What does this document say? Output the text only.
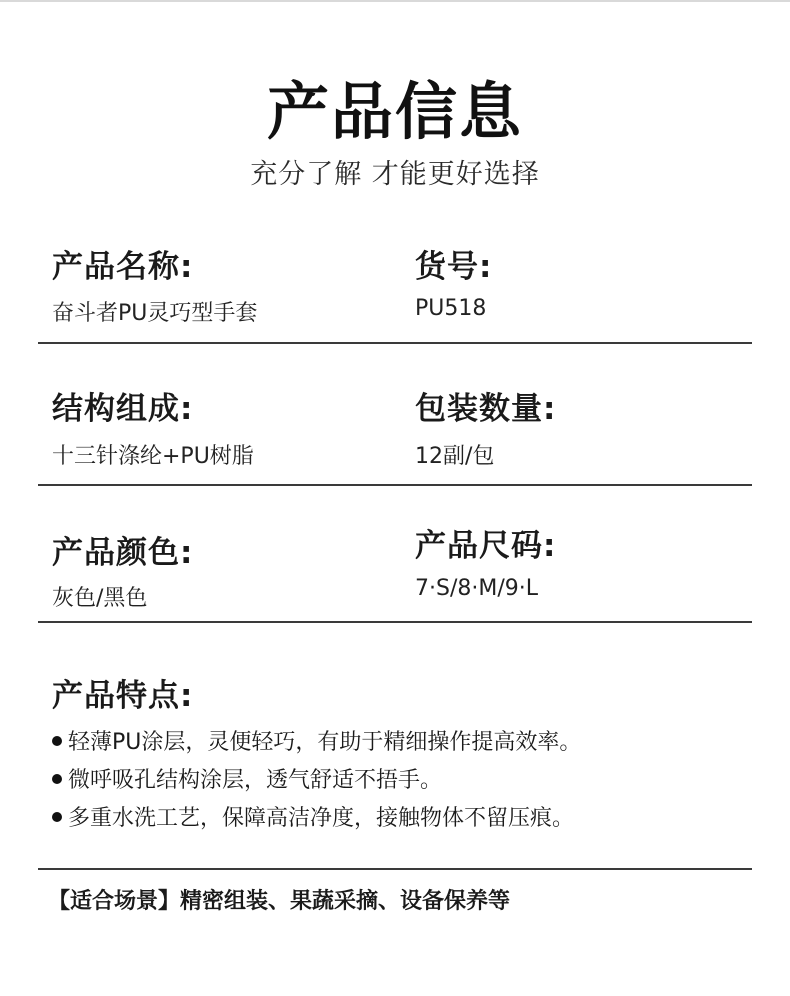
产品信息
充分了解 才能更好选择
产品名称:
奋斗者PU灵巧型手套
货号:
PU518
结构组成:
十三针涤纶+PU树脂
包装数量:
12副/包
产品颜色:
灰色/黑色
产品尺码:
7·S/8·M/9·L
产品特点:
轻薄PU涂层，灵便轻巧，有助于精细操作提高效率。
微呼吸孔结构涂层，透气舒适不捂手。
多重水洗工艺，保障高洁净度，接触物体不留压痕。
【适合场景】精密组装、果蔬采摘、设备保养等
